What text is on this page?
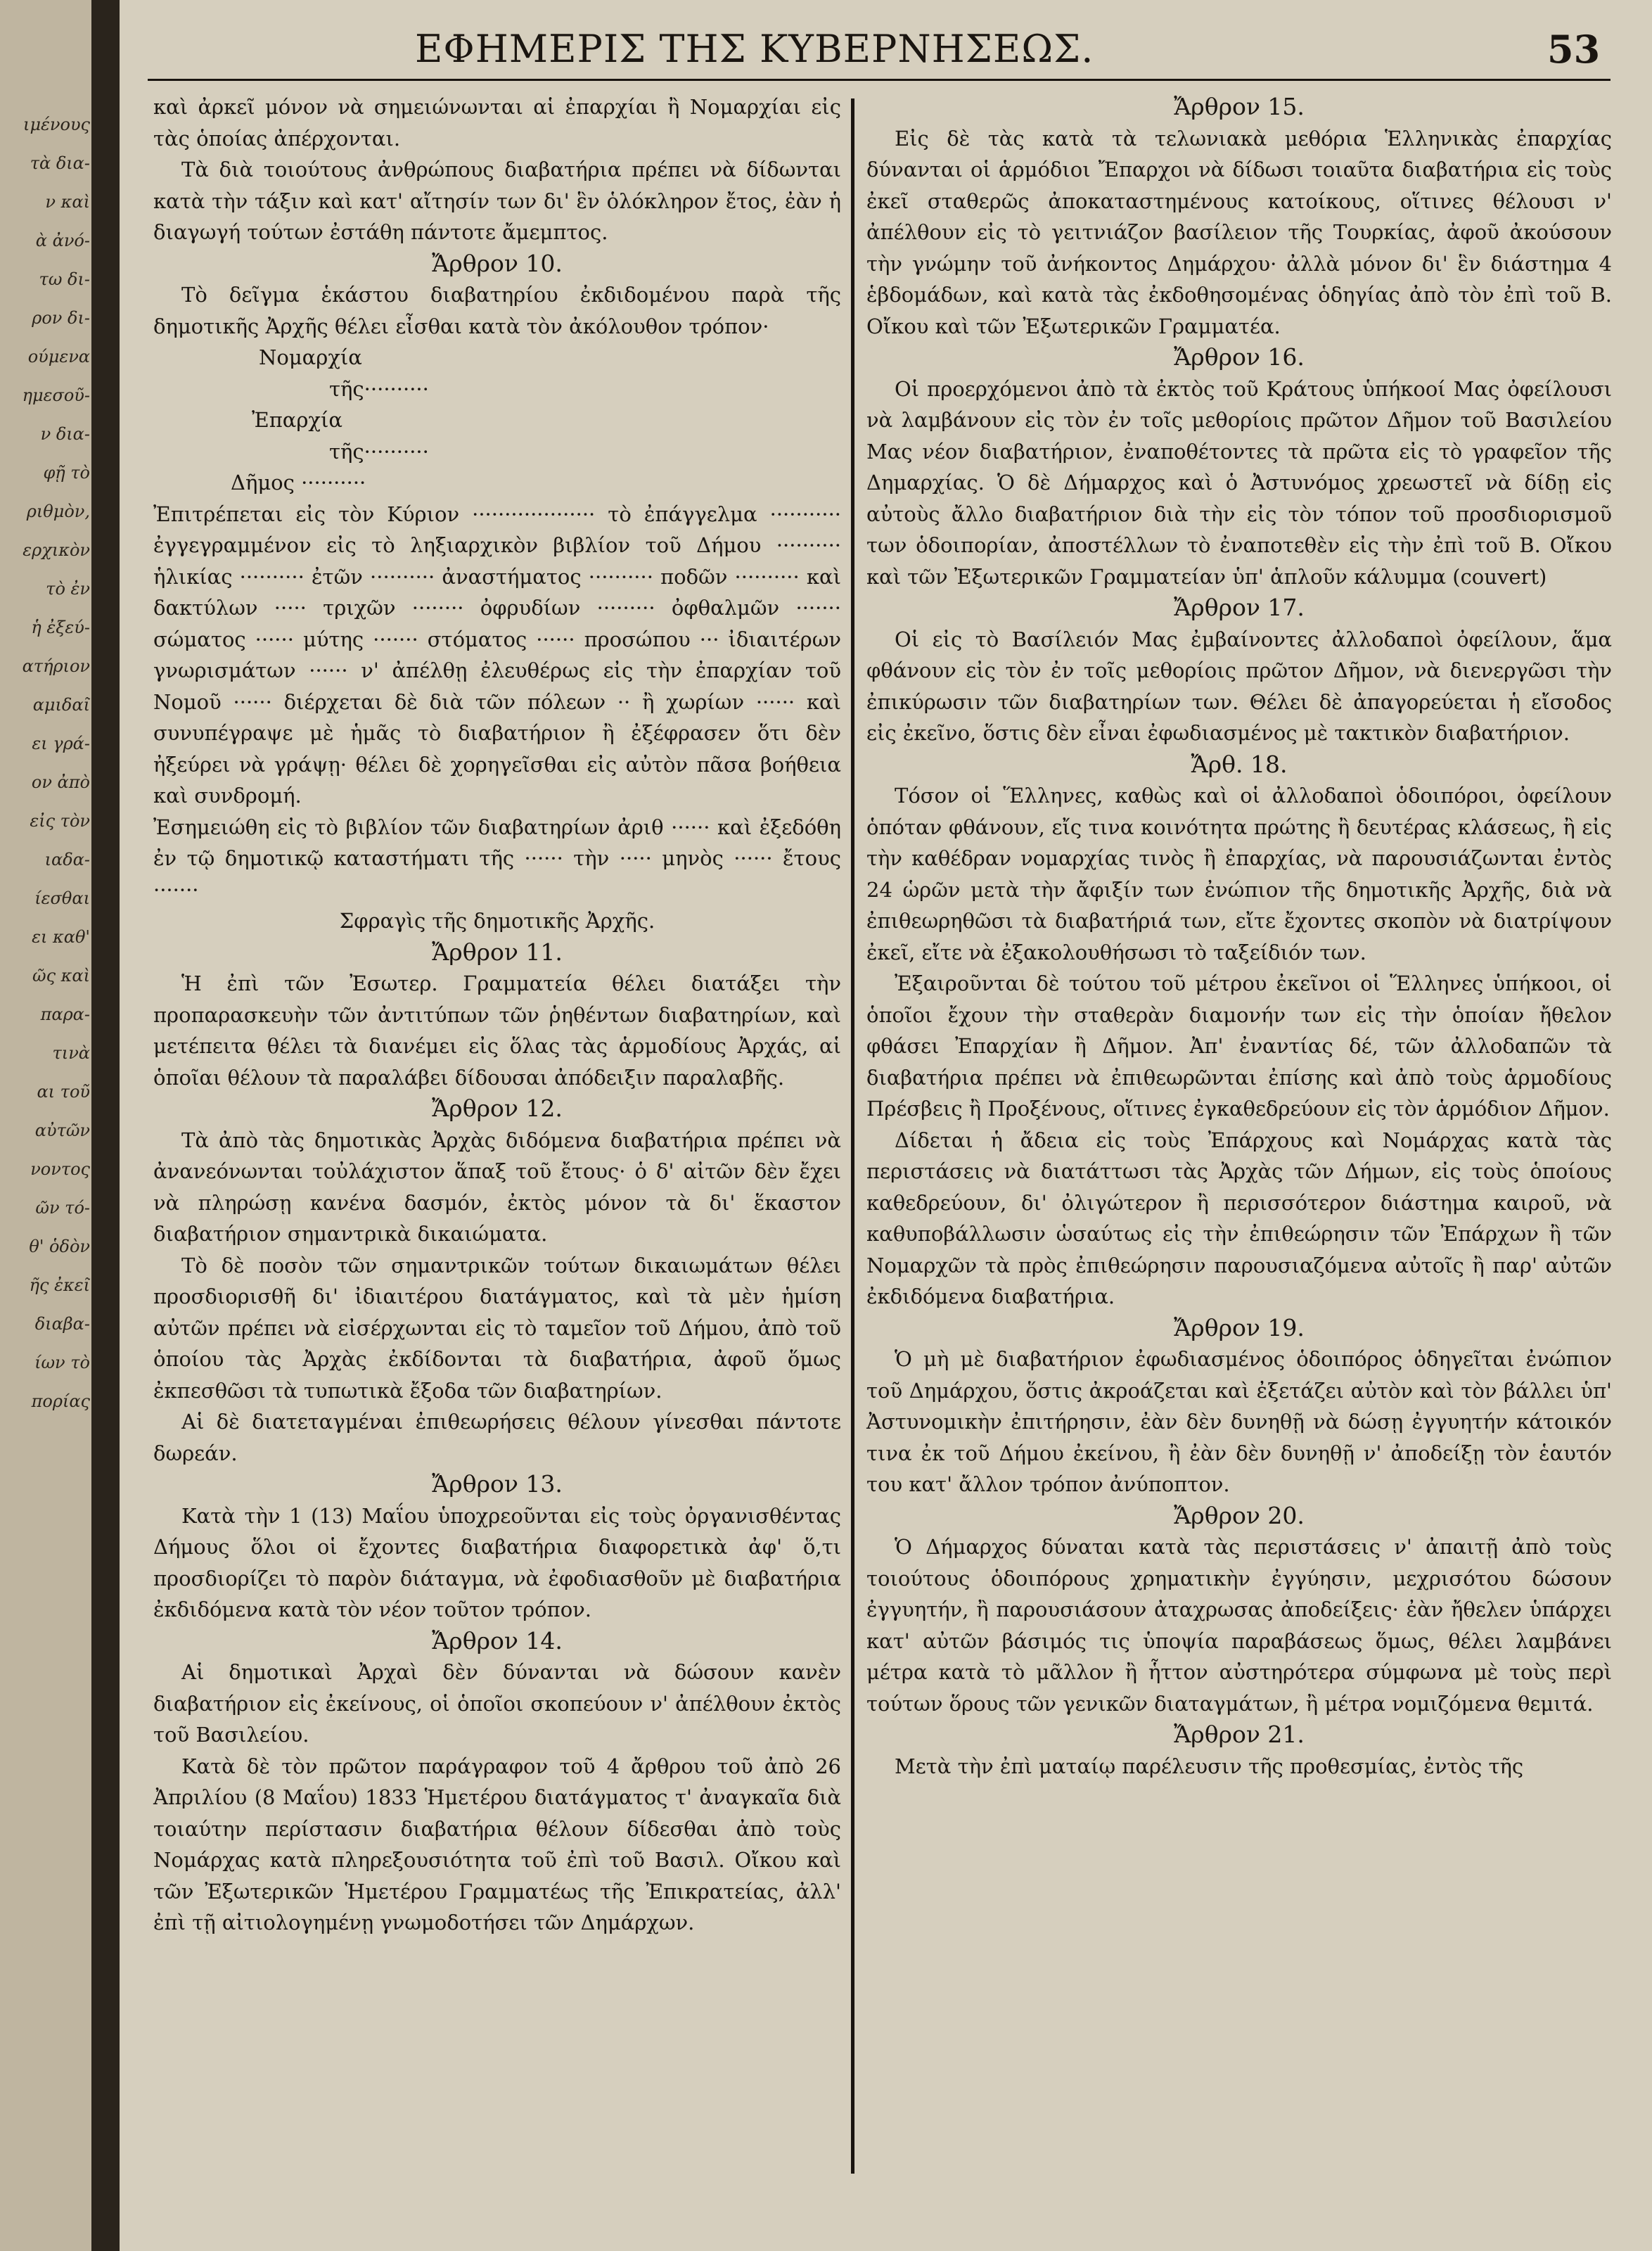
ιμένους
τὰ δια-
ν καὶ
ὰ ἀνό-
τω δι-
ρον δι-
ούμενα
ημεσοῦ-
ν δια-
φῇ τὸ
ριθμὸν,
ερχικὸν
τὸ ἐν
ἡ ἐξεύ-
ατήριον
αμιδαῖ
ει γρά-
ον ἀπὸ
εἰς τὸν
ιαδα-
ίεσθαι
ει καθ'
ῶς καὶ
παρα-
τινὰ
αι τοῦ
αὐτῶν
νοντος
ῶν τό-
θ' ὁδὸν
ῆς ἐκεῖ
διαβα-
ίων τὸ
πορίας
ΕΦΗΜΕΡΙΣ ΤΗΣ ΚΥΒΕΡΝΗΣΕΩΣ.	53

καὶ ἀρκεῖ μόνον νὰ σημειώνωνται αἱ ἐπαρχίαι ἢ Νομαρχίαι εἰς τὰς ὁποίας ἀπέρχονται.

Τὰ διὰ τοιούτους ἀνθρώπους διαβατήρια πρέπει νὰ δίδωνται κατὰ τὴν τάξιν καὶ κατ' αἴτησίν των δι' ἓν ὁλόκληρον ἔτος, ἐὰν ἡ διαγωγή τούτων ἐστάθη πάντοτε ἄμεμπτος.

Ἄρθρον 10.

Τὸ δεῖγμα ἑκάστου διαβατηρίου ἐκδιδομένου παρὰ τῆς δημοτικῆς Ἀρχῆς θέλει εἶσθαι κατὰ τὸν ἀκόλουθον τρόπον·

Νομαρχία

τῆς··········

Ἐπαρχία

τῆς··········

Δῆμος ··········

Ἐπιτρέπεται εἰς τὸν Κύριον ··················· τὸ ἐπάγγελμα ··········· ἐγγεγραμμένον εἰς τὸ ληξιαρχικὸν βιβλίον τοῦ Δήμου ·········· ἡλικίας ·········· ἐτῶν ·········· ἀναστήματος ·········· ποδῶν ·········· καὶ δακτύλων ····· τριχῶν ········ ὀφρυδίων ········· ὀφθαλμῶν ······· σώματος ······ μύτης ······· στόματος ······ προσώπου ··· ἰδιαιτέρων γνωρισμάτων ······ ν' ἀπέλθῃ ἐλευθέρως εἰς τὴν ἐπαρχίαν τοῦ Νομοῦ ······ διέρχεται δὲ διὰ τῶν πόλεων ·· ἢ χωρίων ······ καὶ συνυπέγραψε μὲ ἡμᾶς τὸ διαβατήριον ἢ ἐξέφρασεν ὅτι δὲν ἠξεύρει νὰ γράψῃ· θέλει δὲ χορηγεῖσθαι εἰς αὐτὸν πᾶσα βοήθεια καὶ συνδρομή.

Ἐσημειώθη εἰς τὸ βιβλίον τῶν διαβατηρίων ἀριθ ······ καὶ ἐξεδόθη ἐν τῷ δημοτικῷ καταστήματι τῆς ······ τὴν ····· μηνὸς ······ ἔτους ·······

Σφραγὶς τῆς δημοτικῆς Ἀρχῆς.

Ἄρθρον 11.

Ἡ ἐπὶ τῶν Ἐσωτερ. Γραμματεία θέλει διατάξει τὴν προπαρασκευὴν τῶν ἀντιτύπων τῶν ῥηθέντων διαβατηρίων, καὶ μετέπειτα θέλει τὰ διανέμει εἰς ὅλας τὰς ἁρμοδίους Ἀρχάς, αἱ ὁποῖαι θέλουν τὰ παραλάβει δίδουσαι ἀπόδειξιν παραλαβῆς.

Ἄρθρον 12.

Τὰ ἀπὸ τὰς δημοτικὰς Ἀρχὰς διδόμενα διαβατήρια πρέπει νὰ ἀνανεόνωνται τοὐλάχιστον ἅπαξ τοῦ ἔτους· ὁ δ' αἰτῶν δὲν ἔχει νὰ πληρώσῃ κανένα δασμόν, ἐκτὸς μόνον τὰ δι' ἕκαστον διαβατήριον σημαντρικὰ δικαιώματα.

Τὸ δὲ ποσὸν τῶν σημαντρικῶν τούτων δικαιωμάτων θέλει προσδιορισθῆ δι' ἰδιαιτέρου διατάγματος, καὶ τὰ μὲν ἡμίση αὐτῶν πρέπει νὰ εἰσέρχωνται εἰς τὸ ταμεῖον τοῦ Δήμου, ἀπὸ τοῦ ὁποίου τὰς Ἀρχὰς ἐκδίδονται τὰ διαβατήρια, ἀφοῦ ὅμως ἐκπεσθῶσι τὰ τυπωτικὰ ἔξοδα τῶν διαβατηρίων.

Αἱ δὲ διατεταγμέναι ἐπιθεωρήσεις θέλουν γίνεσθαι πάντοτε δωρεάν.

Ἄρθρον 13.

Κατὰ τὴν 1 (13) Μαΐου ὑποχρεοῦνται εἰς τοὺς ὀργανισθέντας Δήμους ὅλοι οἱ ἔχοντες διαβατήρια διαφορετικὰ ἀφ' ὅ,τι προσδιορίζει τὸ παρὸν διάταγμα, νὰ ἐφοδιασθοῦν μὲ διαβατήρια ἐκδιδόμενα κατὰ τὸν νέον τοῦτον τρόπον.

Ἄρθρον 14.

Αἱ δημοτικαὶ Ἀρχαὶ δὲν δύνανται νὰ δώσουν κανὲν διαβατήριον εἰς ἐκείνους, οἱ ὁποῖοι σκοπεύουν ν' ἀπέλθουν ἐκτὸς τοῦ Βασιλείου.

Κατὰ δὲ τὸν πρῶτον παράγραφον τοῦ 4 ἄρθρου τοῦ ἀπὸ 26 Ἀπριλίου (8 Μαΐου) 1833 Ἡμετέρου διατάγματος τ' ἀναγκαῖα διὰ τοιαύτην περίστασιν διαβατήρια θέλουν δίδεσθαι ἀπὸ τοὺς Νομάρχας κατὰ πληρεξουσιότητα τοῦ ἐπὶ τοῦ Βασιλ. Οἴκου καὶ τῶν Ἐξωτερικῶν Ἡμετέρου Γραμματέως τῆς Ἐπικρατείας, ἀλλ' ἐπὶ τῇ αἰτιολογημένῃ γνωμοδοτήσει τῶν Δημάρχων.

Ἄρθρον 15.

Εἰς δὲ τὰς κατὰ τὰ τελωνιακὰ μεθόρια Ἑλληνικὰς ἐπαρχίας δύνανται οἱ ἁρμόδιοι Ἔπαρχοι νὰ δίδωσι τοιαῦτα διαβατήρια εἰς τοὺς ἐκεῖ σταθερῶς ἀποκαταστημένους κατοίκους, οἵτινες θέλουσι ν' ἀπέλθουν εἰς τὸ γειτνιάζον βασίλειον τῆς Τουρκίας, ἀφοῦ ἀκούσουν τὴν γνώμην τοῦ ἀνήκοντος Δημάρχου· ἀλλὰ μόνον δι' ἓν διάστημα 4 ἑβδομάδων, καὶ κατὰ τὰς ἐκδοθησομένας ὁδηγίας ἀπὸ τὸν ἐπὶ τοῦ Β. Οἴκου καὶ τῶν Ἐξωτερικῶν Γραμματέα.

Ἄρθρον 16.

Οἱ προερχόμενοι ἀπὸ τὰ ἐκτὸς τοῦ Κράτους ὑπήκοοί Μας ὀφείλουσι νὰ λαμβάνουν εἰς τὸν ἐν τοῖς μεθορίοις πρῶτον Δῆμον τοῦ Βασιλείου Μας νέον διαβατήριον, ἐναποθέτοντες τὰ πρῶτα εἰς τὸ γραφεῖον τῆς Δημαρχίας. Ὁ δὲ Δήμαρχος καὶ ὁ Ἀστυνόμος χρεωστεῖ νὰ δίδῃ εἰς αὐτοὺς ἄλλο διαβατήριον διὰ τὴν εἰς τὸν τόπον τοῦ προσδιορισμοῦ των ὁδοιπορίαν, ἀποστέλλων τὸ ἐναποτεθὲν εἰς τὴν ἐπὶ τοῦ Β. Οἴκου καὶ τῶν Ἐξωτερικῶν Γραμματείαν ὑπ' ἁπλοῦν κάλυμμα (couvert)

Ἄρθρον 17.

Οἱ εἰς τὸ Βασίλειόν Μας ἐμβαίνοντες ἀλλοδαποὶ ὀφείλουν, ἅμα φθάνουν εἰς τὸν ἐν τοῖς μεθορίοις πρῶτον Δῆμον, νὰ διενεργῶσι τὴν ἐπικύρωσιν τῶν διαβατηρίων των. Θέλει δὲ ἀπαγορεύεται ἡ εἴσοδος εἰς ἐκεῖνο, ὅστις δὲν εἶναι ἐφωδιασμένος μὲ τακτικὸν διαβατήριον.

Ἄρθ. 18.

Τόσον οἱ Ἕλληνες, καθὼς καὶ οἱ ἀλλοδαποὶ ὁδοιπόροι, ὀφείλουν ὁπόταν φθάνουν, εἴς τινα κοινότητα πρώτης ἢ δευτέρας κλάσεως, ἢ εἰς τὴν καθέδραν νομαρχίας τινὸς ἢ ἐπαρχίας, νὰ παρουσιάζωνται ἐντὸς 24 ὡρῶν μετὰ τὴν ἄφιξίν των ἐνώπιον τῆς δημοτικῆς Ἀρχῆς, διὰ νὰ ἐπιθεωρηθῶσι τὰ διαβατήριά των, εἴτε ἔχοντες σκοπὸν νὰ διατρίψουν ἐκεῖ, εἴτε νὰ ἐξακολουθήσωσι τὸ ταξείδιόν των.

Ἐξαιροῦνται δὲ τούτου τοῦ μέτρου ἐκεῖνοι οἱ Ἕλληνες ὑπήκοοι, οἱ ὁποῖοι ἔχουν τὴν σταθερὰν διαμονήν των εἰς τὴν ὁποίαν ἤθελον φθάσει Ἐπαρχίαν ἢ Δῆμον. Ἀπ' ἐναντίας δέ, τῶν ἀλλοδαπῶν τὰ διαβατήρια πρέπει νὰ ἐπιθεωρῶνται ἐπίσης καὶ ἀπὸ τοὺς ἁρμοδίους Πρέσβεις ἢ Προξένους, οἵτινες ἐγκαθεδρεύουν εἰς τὸν ἁρμόδιον Δῆμον.

Δίδεται ἡ ἄδεια εἰς τοὺς Ἐπάρχους καὶ Νομάρχας κατὰ τὰς περιστάσεις νὰ διατάττωσι τὰς Ἀρχὰς τῶν Δήμων, εἰς τοὺς ὁποίους καθεδρεύουν, δι' ὀλιγώτερον ἢ περισσότερον διάστημα καιροῦ, νὰ καθυποβάλλωσιν ὡσαύτως εἰς τὴν ἐπιθεώρησιν τῶν Ἐπάρχων ἢ τῶν Νομαρχῶν τὰ πρὸς ἐπιθεώρησιν παρουσιαζόμενα αὐτοῖς ἢ παρ' αὐτῶν ἐκδιδόμενα διαβατήρια.

Ἄρθρον 19.

Ὁ μὴ μὲ διαβατήριον ἐφωδιασμένος ὁδοιπόρος ὁδηγεῖται ἐνώπιον τοῦ Δημάρχου, ὅστις ἀκροάζεται καὶ ἐξετάζει αὐτὸν καὶ τὸν βάλλει ὑπ' Ἀστυνομικὴν ἐπιτήρησιν, ἐὰν δὲν δυνηθῇ νὰ δώσῃ ἐγγυητήν κάτοικόν τινα ἐκ τοῦ Δήμου ἐκείνου, ἢ ἐὰν δὲν δυνηθῇ ν' ἀποδείξῃ τὸν ἑαυτόν του κατ' ἄλλον τρόπον ἀνύποπτον.

Ἄρθρον 20.

Ὁ Δήμαρχος δύναται κατὰ τὰς περιστάσεις ν' ἀπαιτῇ ἀπὸ τοὺς τοιούτους ὁδοιπόρους χρηματικὴν ἐγγύησιν, μεχρισότου δώσουν ἐγγυητήν, ἢ παρουσιάσουν ἀταχρωσας ἀποδείξεις· ἐὰν ἤθελεν ὑπάρχει κατ' αὐτῶν βάσιμός τις ὑποψία παραβάσεως ὅμως, θέλει λαμβάνει μέτρα κατὰ τὸ μᾶλλον ἢ ἧττον αὐστηρότερα σύμφωνα μὲ τοὺς περὶ τούτων ὅρους τῶν γενικῶν διαταγμάτων, ἢ μέτρα νομιζόμενα θεμιτά.

Ἄρθρον 21.

Μετὰ τὴν ἐπὶ ματαίῳ παρέλευσιν τῆς προθεσμίας, ἐντὸς τῆς
